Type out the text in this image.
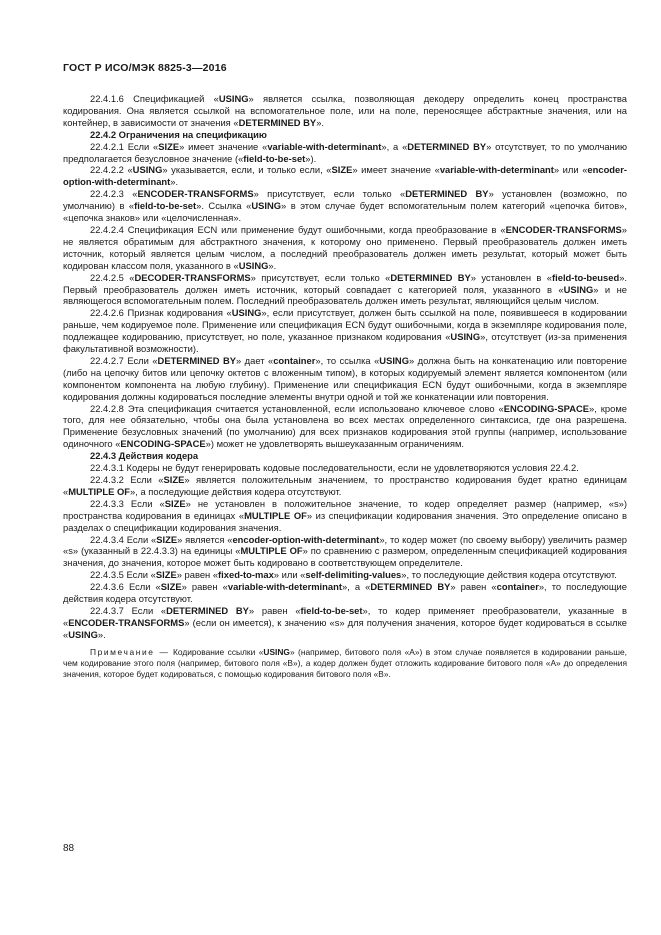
ГОСТ Р ИСО/МЭК 8825-3—2016

22.4.1.6 Спецификацией «USING» является ссылка, позволяющая декодеру определить конец пространства кодирования. Она является ссылкой на вспомогательное поле, или на поле, переносящее абстрактные значения, или на контейнер, в зависимости от значения «DETERMINED BY».

22.4.2 Ограничения на спецификацию

22.4.2.1 Если «SIZE» имеет значение «variable-with-determinant», а «DETERMINED BY» отсутствует, то по умолчанию предполагается безусловное значение («field-to-be-set»).

22.4.2.2 «USING» указывается, если, и только если, «SIZE» имеет значение «variable-with-determinant» или «encoder-option-with-determinant».

22.4.2.3 «ENCODER-TRANSFORMS» присутствует, если только «DETERMINED BY» установлен (возможно, по умолчанию) в «field-to-be-set». Ссылка «USING» в этом случае будет вспомогательным полем категорий «цепочка битов», «цепочка знаков» или «целочисленная».

22.4.2.4 Спецификация ECN или применение будут ошибочными, когда преобразование в «ENCODER-TRANSFORMS» не является обратимым для абстрактного значения, к которому оно применено. Первый преобразователь должен иметь источник, который является целым числом, а последний преобразователь должен иметь результат, который может быть кодирован классом поля, указанного в «USING».

22.4.2.5 «DECODER-TRANSFORMS» присутствует, если только «DETERMINED BY» установлен в «field-to-beused». Первый преобразователь должен иметь источник, который совпадает с категорией поля, указанного в «USING» и не являющегося вспомогательным полем. Последний преобразователь должен иметь результат, являющийся целым числом.

22.4.2.6 Признак кодирования «USING», если присутствует, должен быть ссылкой на поле, появившееся в кодировании раньше, чем кодируемое поле. Применение или спецификация ECN будут ошибочными, когда в экземпляре кодирования поле, подлежащее кодированию, присутствует, но поле, указанное признаком кодирования «USING», отсутствует (из-за применения факультативной возможности).

22.4.2.7 Если «DETERMINED BY» дает «container», то ссылка «USING» должна быть на конкатенацию или повторение (либо на цепочку битов или цепочку октетов с вложенным типом), в которых кодируемый элемент является компонентом (или компонентом компонента на любую глубину). Применение или спецификация ECN будут ошибочными, когда в экземпляре кодирования должны кодироваться последние элементы внутри одной и той же конкатенации или повторения.

22.4.2.8 Эта спецификация считается установленной, если использовано ключевое слово «ENCODING-SPACE», кроме того, для нее обязательно, чтобы она была установлена во всех местах определенного синтаксиса, где она разрешена. Применение безусловных значений (по умолчанию) для всех признаков кодирования этой группы (например, использование одиночного «ENCODING-SPACE») может не удовлетворять вышеуказанным ограничениям.

22.4.3 Действия кодера

22.4.3.1 Кодеры не будут генерировать кодовые последовательности, если не удовлетворяются условия 22.4.2.

22.4.3.2 Если «SIZE» является положительным значением, то пространство кодирования будет кратно единицам «MULTIPLE OF», а последующие действия кодера отсутствуют.

22.4.3.3 Если «SIZE» не установлен в положительное значение, то кодер определяет размер (например, «s») пространства кодирования в единицах «MULTIPLE OF» из спецификации кодирования значения. Это определение описано в разделах о спецификации кодирования значения.

22.4.3.4 Если «SIZE» является «encoder-option-with-determinant», то кодер может (по своему выбору) увеличить размер «s» (указанный в 22.4.3.3) на единицы «MULTIPLE OF» по сравнению с размером, определенным спецификацией кодирования значения, до значения, которое может быть кодировано в соответствующем определителе.

22.4.3.5 Если «SIZE» равен «fixed-to-max» или «self-delimiting-values», то последующие действия кодера отсутствуют.

22.4.3.6 Если «SIZE» равен «variable-with-determinant», а «DETERMINED BY» равен «container», то последующие действия кодера отсутствуют.

22.4.3.7 Если «DETERMINED BY» равен «field-to-be-set», то кодер применяет преобразователи, указанные в «ENCODER-TRANSFORMS» (если он имеется), к значению «s» для получения значения, которое будет кодироваться в ссылке «USING».

Примечание — Кодирование ссылки «USING» (например, битового поля «A») в этом случае появляется в кодировании раньше, чем кодирование этого поля (например, битового поля «B»), а кодер должен будет отложить кодирование битового поля «A» до определения значения, которое будет кодироваться, с помощью кодирования битового поля «B».

88
